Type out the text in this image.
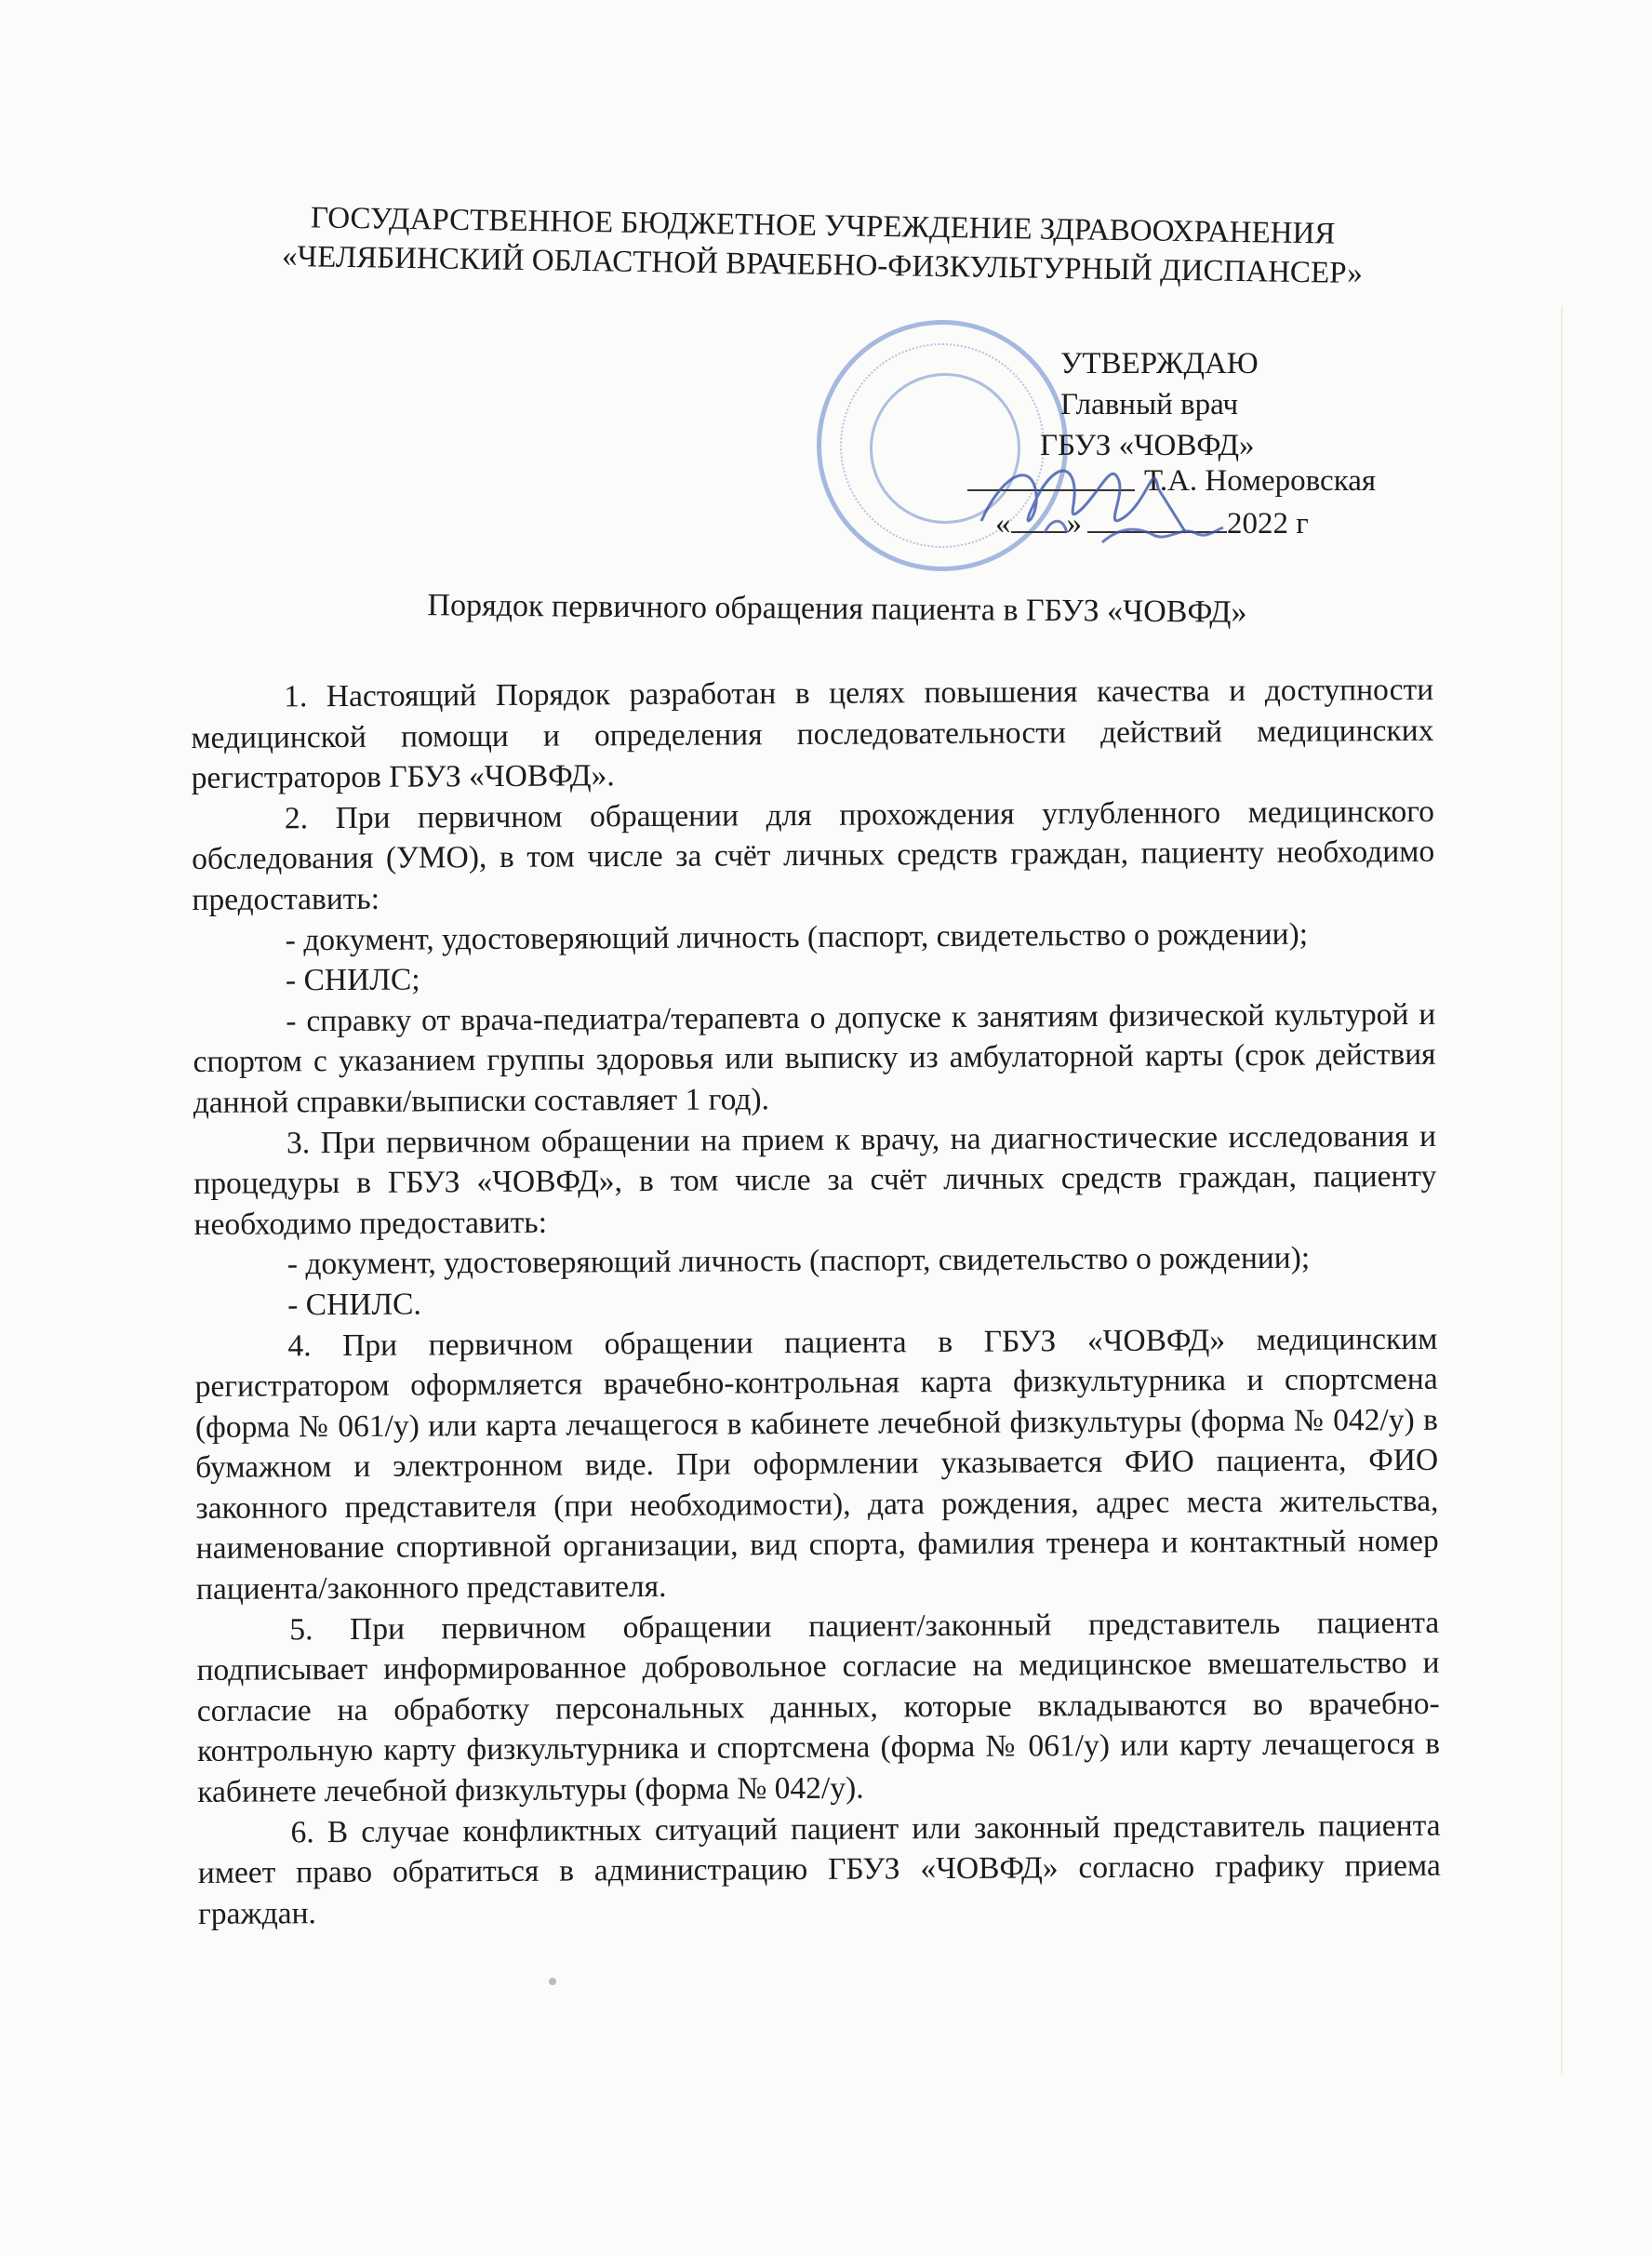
ГОСУДАРСТВЕННОЕ БЮДЖЕТНОЕ УЧРЕЖДЕНИЕ ЗДРАВООХРАНЕНИЯ
«ЧЕЛЯБИНСКИЙ ОБЛАСТНОЙ ВРАЧЕБНО-ФИЗКУЛЬТУРНЫЙ ДИСПАНСЕР»
УТВЕРЖДАЮ
Главный врач
ГБУЗ «ЧОВФД»
Т.А. Номеровская
« »	2022 г
Порядок первичного обращения пациента в ГБУЗ «ЧОВФД»

1. Настоящий Порядок разработан в целях повышения качества и доступности медицинской помощи и определения последовательности действий медицинских регистраторов ГБУЗ «ЧОВФД».

2. При первичном обращении для прохождения углубленного медицинского обследования (УМО), в том числе за счёт личных средств граждан, пациенту необходимо предоставить:

- документ, удостоверяющий личность (паспорт, свидетельство о рождении);

- СНИЛС;

- справку от врача-педиатра/терапевта о допуске к занятиям физической культурой и спортом с указанием группы здоровья или выписку из амбулаторной карты (срок действия данной справки/выписки составляет 1 год).

3. При первичном обращении на прием к врачу, на диагностические исследования и процедуры в ГБУЗ «ЧОВФД», в том числе за счёт личных средств граждан, пациенту необходимо предоставить:

- документ, удостоверяющий личность (паспорт, свидетельство о рождении);

- СНИЛС.

4. При первичном обращении пациента в ГБУЗ «ЧОВФД» медицинским регистратором оформляется врачебно-контрольная карта физкультурника и спортсмена (форма № 061/у) или карта лечащегося в кабинете лечебной физкультуры (форма № 042/у) в бумажном и электронном виде. При оформлении указывается ФИО пациента, ФИО законного представителя (при необходимости), дата рождения, адрес места жительства, наименование спортивной организации, вид спорта, фамилия тренера и контактный номер пациента/законного представителя.

5. При первичном обращении пациент/законный представитель пациента подписывает информированное добровольное согласие на медицинское вмешательство и согласие на обработку персональных данных, которые вкладываются во врачебно-контрольную карту физкультурника и спортсмена (форма № 061/у) или карту лечащегося в кабинете лечебной физкультуры (форма № 042/у).

6. В случае конфликтных ситуаций пациент или законный представитель пациента имеет право обратиться в администрацию ГБУЗ «ЧОВФД» согласно графику приема граждан.
